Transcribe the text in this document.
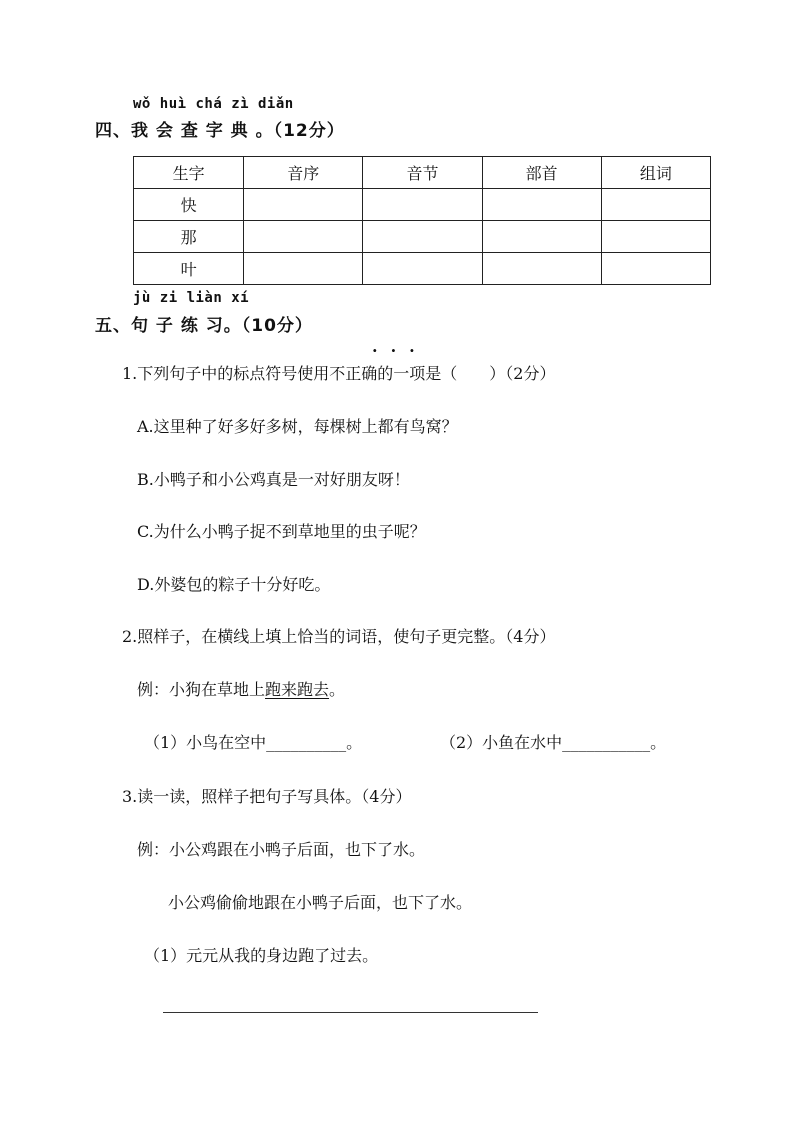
wǒ huì chá zì diǎn
四、我 会 查 字 典 。（12分）
生字	音序	音节	部首	组词
快				
那				
叶				
jù zi liàn xí
五、句 子 练 习。（10分）
···
1.下列句子中的标点符号使用不正确的一项是（　　）（2分）
A.这里种了好多好多树，每棵树上都有鸟窝？
B.小鸭子和小公鸡真是一对好朋友呀！
C.为什么小鸭子捉不到草地里的虫子呢？
D.外婆包的粽子十分好吃。
2.照样子，在横线上填上恰当的词语，使句子更完整。（4分）
例：小狗在草地上跑来跑去。
（1）小鸟在空中__________。	（2）小鱼在水中___________。
3.读一读，照样子把句子写具体。（4分）
例：小公鸡跟在小鸭子后面，也下了水。
小公鸡偷偷地跟在小鸭子后面，也下了水。
（1）元元从我的身边跑了过去。
